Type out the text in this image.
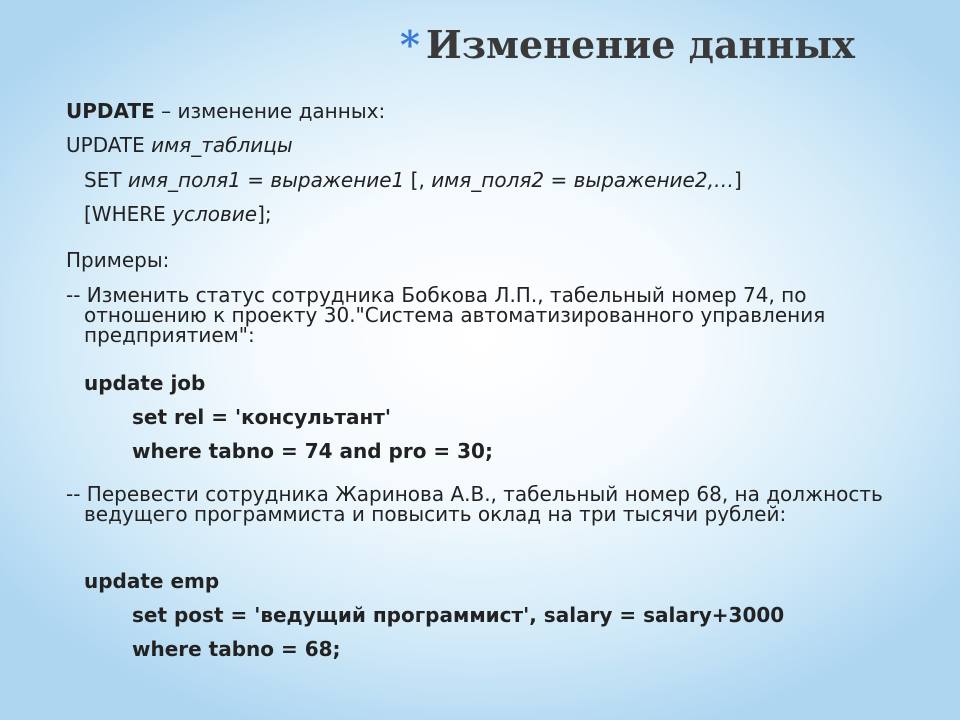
* Изменение данных
UPDATE – изменение данных:
UPDATE имя_таблицы
SET имя_поля1 = выражение1 [, имя_поля2 = выражение2,…]
[WHERE условие];
Примеры:
-- Изменить статус сотрудника Бобкова Л.П., табельный номер 74, по отношению к проекту 30."Система автоматизированного управления предприятием":
update job
set rel = 'консультант'
where tabno = 74 and pro = 30;
-- Перевести сотрудника Жаринова А.В., табельный номер 68, на должность ведущего программиста и повысить оклад на три тысячи рублей:
update emp
set post = 'ведущий программист', salary = salary+3000
where tabno = 68;
